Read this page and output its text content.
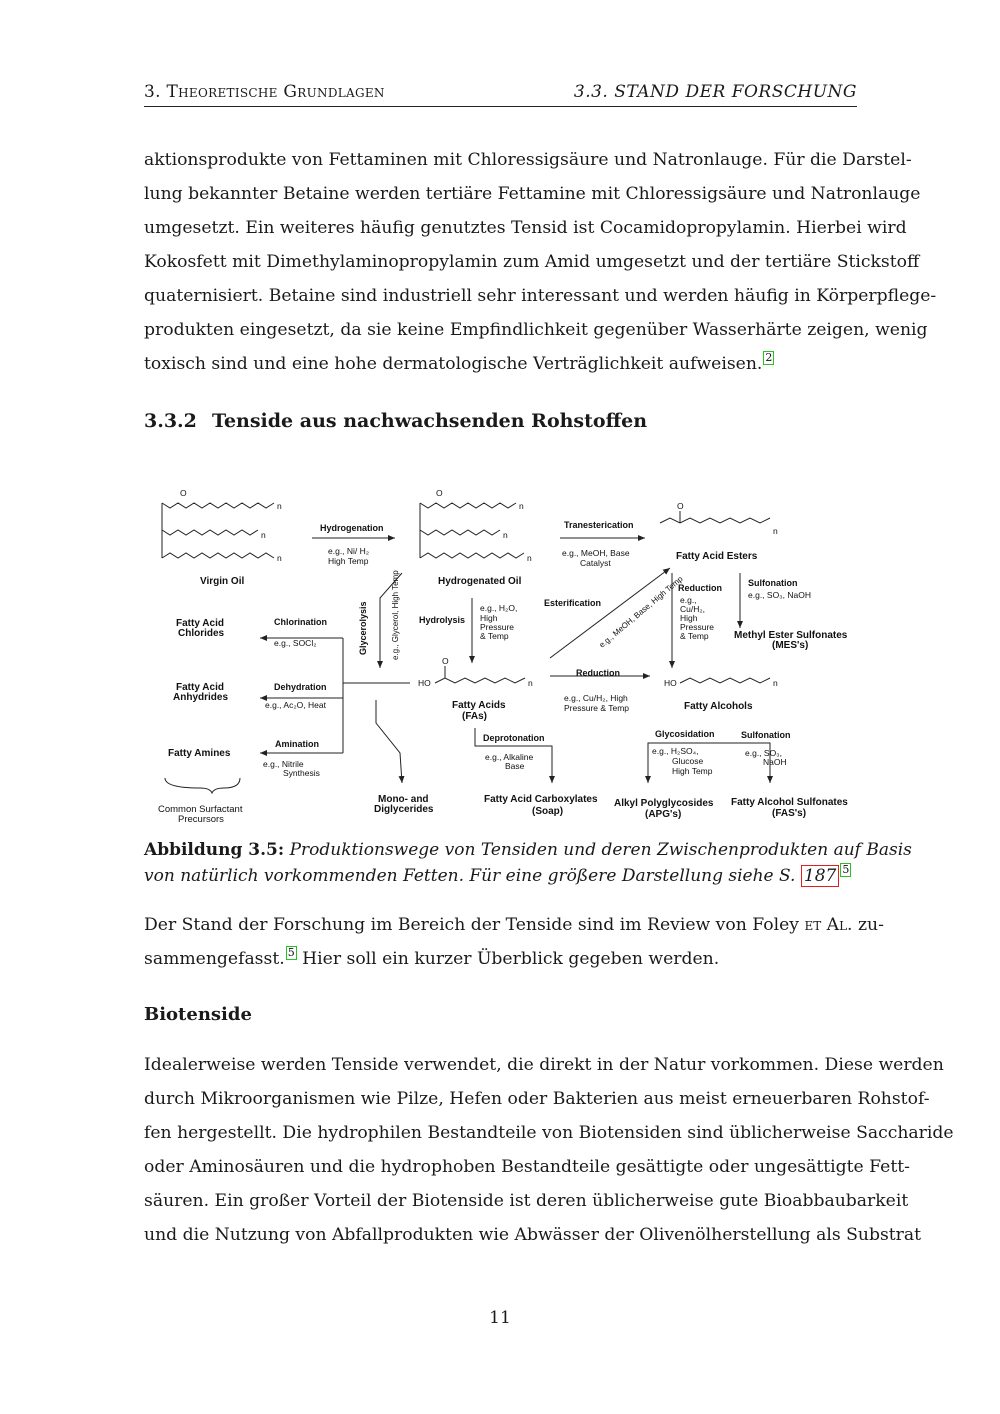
3. Theoretische Grundlagen	3.3. STAND DER FORSCHUNG
aktionsprodukte von Fettaminen mit Chloressigsäure und Natronlauge. Für die Darstel-
lung bekannter Betaine werden tertiäre Fettamine mit Chloressigsäure und Natronlauge
umgesetzt. Ein weiteres häufig genutztes Tensid ist Cocamidopropylamin. Hierbei wird
Kokosfett mit Dimethylaminopropylamin zum Amid umgesetzt und der tertiäre Stickstoff
quaternisiert. Betaine sind industriell sehr interessant und werden häufig in Körperpflege-
produkten eingesetzt, da sie keine Empfindlichkeit gegenüber Wasserhärte zeigen, wenig
toxisch sind und eine hohe dermatologische Verträglichkeit aufweisen. 2
3.3.2 Tenside aus nachwachsenden Rohstoffen
Virgin Oil
Hydrogenation
e.g., Ni/ H₂
High Temp
Hydrogenated Oil
Tranesterication
e.g., MeOH, Base
Catalyst
Fatty Acid Esters
Glycerolysis	e.g., Glycerol, High Temp
Fatty Acid
Chlorides
Chlorination
e.g., SOCl₂
Hydrolysis
e.g., H₂O,
High
Pressure
& Temp
Esterification
e.g., MeOH, Base, High Temp
Reduction
e.g.,
Cu/H₂,
High
Pressure
& Temp
Sulfonation
e.g., SO₃, NaOH
Methyl Ester Sulfonates
(MES's)
Fatty Acid
Anhydrides
Dehydration
e.g., Ac₂O, Heat	Fatty Acids
(FAs)
Reduction
e.g., Cu/H₂, High
Pressure & Temp	Fatty Alcohols
Fatty Amines
Amination
e.g., Nitrile
Synthesis
Deprotonation
e.g., Alkaline
Base
Glycosidation
e.g., H₂SO₄,
Glucose
High Temp
Sulfonation
e.g., SO₃,
NaOH
Common Surfactant
Precursors
Mono- and
Diglycerides
Fatty Acid Carboxylates
(Soap)
Alkyl Polyglycosides
(APG's)
Fatty Alcohol Sulfonates
(FAS's)
O	O
O
O
HO	HO
n
n
n
n
n
n
n
n	n
Abbildung 3.5: Produktionswege von Tensiden und deren Zwischenprodukten auf Basis
von natürlich vorkommenden Fetten. Für eine größere Darstellung siehe S. 187 5
Der Stand der Forschung im Bereich der Tenside sind im Review von Foley et Al. zu-
sammengefasst. 5 Hier soll ein kurzer Überblick gegeben werden.
Biotenside
Idealerweise werden Tenside verwendet, die direkt in der Natur vorkommen. Diese werden
durch Mikroorganismen wie Pilze, Hefen oder Bakterien aus meist erneuerbaren Rohstof-
fen hergestellt. Die hydrophilen Bestandteile von Biotensiden sind üblicherweise Saccharide
oder Aminosäuren und die hydrophoben Bestandteile gesättigte oder ungesättigte Fett-
säuren. Ein großer Vorteil der Biotenside ist deren üblicherweise gute Bioabbaubarkeit
und die Nutzung von Abfallprodukten wie Abwässer der Olivenölherstellung als Substrat
11
